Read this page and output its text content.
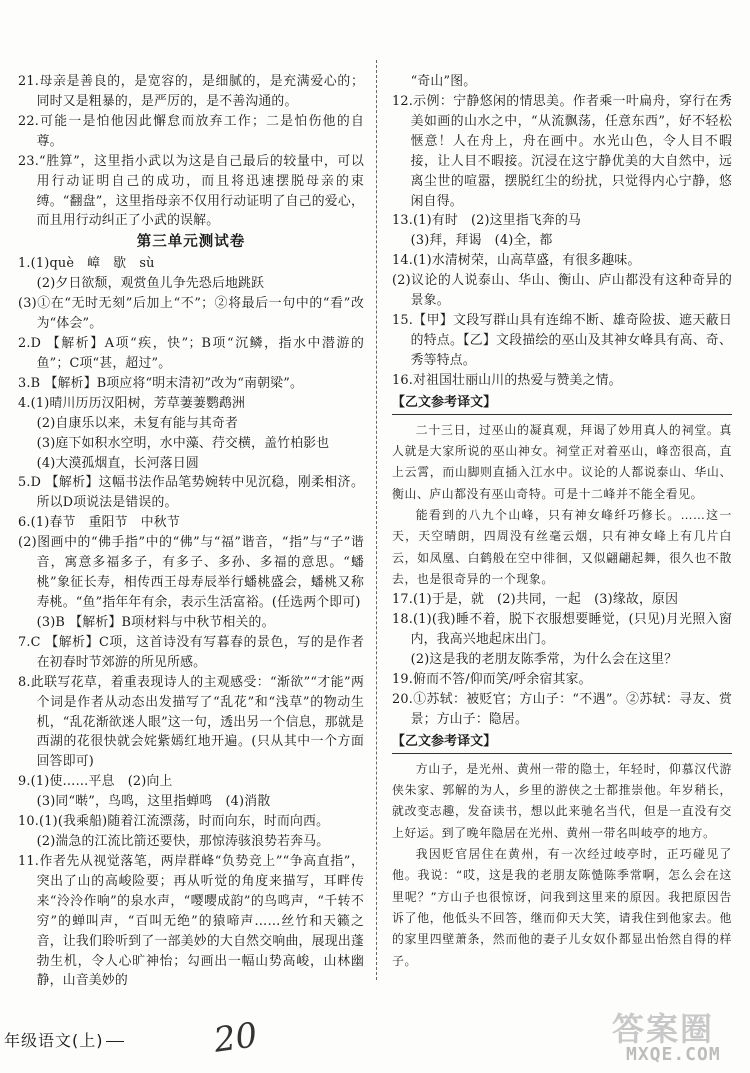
21.母亲是善良的，是宽容的，是细腻的，是充满爱心的；同时又是粗暴的，是严厉的，是不善沟通的。
22.可能一是怕他因此懈怠而放弃工作；二是怕伤他的自尊。
23.“胜算”，这里指小武以为这是自己最后的较量中，可以用行动证明自己的成功，而且将迅速摆脱母亲的束缚。“翻盘”，这里指母亲不仅用行动证明了自己的爱心，而且用行动纠正了小武的误解。
第三单元测试卷
1.(1)què　嶂　歇　sù
(2)夕日欲颓，观赏鱼儿争先恐后地跳跃
(3)①在“无时无刻”后加上“不”；②将最后一句中的“看”改为“体会”。
2.D 【解析】A项“疾，快”；B项“沉鳞，指水中潜游的鱼”；C项“甚，超过”。
3.B 【解析】B项应将“明末清初”改为“南朝梁”。
4.(1)晴川历历汉阳树，芳草萋萋鹦鹉洲
(2)自康乐以来，未复有能与其奇者
(3)庭下如积水空明，水中藻、荇交横，盖竹柏影也
(4)大漠孤烟直，长河落日圆
5.D 【解析】这幅书法作品笔势婉转中见沉稳，刚柔相济。所以D项说法是错误的。
6.(1)春节　重阳节　中秋节
(2)图画中的“佛手指”中的“佛”与“福”谐音，“指”与“子”谐音，寓意多福多子，有多子、多孙、多福的意思。“蟠桃”象征长寿，相传西王母寿辰举行蟠桃盛会，蟠桃又称寿桃。“鱼”指年年有余，表示生活富裕。(任选两个即可)
(3)B 【解析】B项材料与中秋节相关的。
7.C 【解析】C项，这首诗没有写暮春的景色，写的是作者在初春时节郊游的所见所感。
8.此联写花草，着重表现诗人的主观感受：“渐欲”“才能”两个词是作者从动态出发描写了“乱花”和“浅草”的物动生机，“乱花渐欲迷人眼”这一句，透出另一个信息，那就是西湖的花很快就会姹紫嫣红地开遍。(只从其中一个方面回答即可)
9.(1)使……平息　(2)向上
(3)同“啭”，鸟鸣，这里指蝉鸣　(4)消散
10.(1)(我乘船)随着江流漂荡，时而向东，时而向西。
(2)湍急的江流比箭还要快，那惊涛骇浪势若奔马。
11.作者先从视觉落笔，两岸群峰“负势竞上”“争高直指”，突出了山的高峻险要；再从听觉的角度来描写，耳畔传来“泠泠作响”的泉水声，“嘤嘤成韵”的鸟鸣声，“千转不穷”的蝉叫声，“百叫无绝”的猿啼声……丝竹和天籁之音，让我们聆听到了一部美妙的大自然交响曲，展现出蓬勃生机，令人心旷神怡；勾画出一幅山势高峻，山林幽静，山音美妙的
“奇山”图。
12.示例：宁静悠闲的情思美。作者乘一叶扁舟，穿行在秀美如画的山水之中，“从流飘荡，任意东西”，好不轻松惬意！人在舟上，舟在画中。水光山色，令人目不暇接，让人目不暇接。沉浸在这宁静优美的大自然中，远离尘世的喧嚣，摆脱红尘的纷扰，只觉得内心宁静，悠闲自得。
13.(1)有时　(2)这里指飞奔的马
(3)拜，拜谒　(4)全，都
14.(1)水清树荣，山高草盛，有很多趣味。
(2)议论的人说泰山、华山、衡山、庐山都没有这种奇异的景象。
15.【甲】文段写群山具有连绵不断、雄奇险拔、遮天蔽日的特点。【乙】文段描绘的巫山及其神女峰具有高、奇、秀等特点。
16.对祖国壮丽山川的热爱与赞美之情。
【乙文参考译文】
二十三日，过巫山的凝真观，拜谒了妙用真人的祠堂。真人就是大家所说的巫山神女。祠堂正对着巫山，峰峦很高，直上云霄，而山脚则直插入江水中。议论的人都说泰山、华山、衡山、庐山都没有巫山奇特。可是十二峰并不能全看见。
能看到的八九个山峰，只有神女峰纤巧修长。……这一天，天空晴朗，四周没有丝毫云烟，只有神女峰上有几片白云，如凤凰、白鹤般在空中徘徊，又似翩翩起舞，很久也不散去，也是很奇异的一个现象。
17.(1)于是，就　(2)共同，一起　(3)缘故，原因
18.(1)(我)睡不着，脱下衣服想要睡觉，(只见)月光照入窗内，我高兴地起床出门。
(2)这是我的老朋友陈季常，为什么会在这里？
19.俯而不答/仰而笑/呼余宿其家。
20.①苏轼：被贬官；方山子：“不遇”。②苏轼：寻友、赏景；方山子：隐居。
【乙文参考译文】
方山子，是光州、黄州一带的隐士，年轻时，仰慕汉代游侠朱家、郭解的为人，乡里的游侠之士都推崇他。年岁稍长，就改变志趣，发奋读书，想以此来驰名当代，但是一直没有交上好运。到了晚年隐居在光州、黄州一带名叫岐亭的地方。
我因贬官居住在黄州，有一次经过岐亭时，正巧碰见了他。我说：“哎，这是我的老朋友陈慥陈季常啊，怎么会在这里呢？”方山子也很惊讶，问我到这里来的原因。我把原因告诉了他，他低头不回答，继而仰天大笑，请我住到他家去。他的家里四壁萧条，然而他的妻子儿女奴仆都显出怡然自得的样子。
年级语文(上)	20	答案圈
MXQE.COM
